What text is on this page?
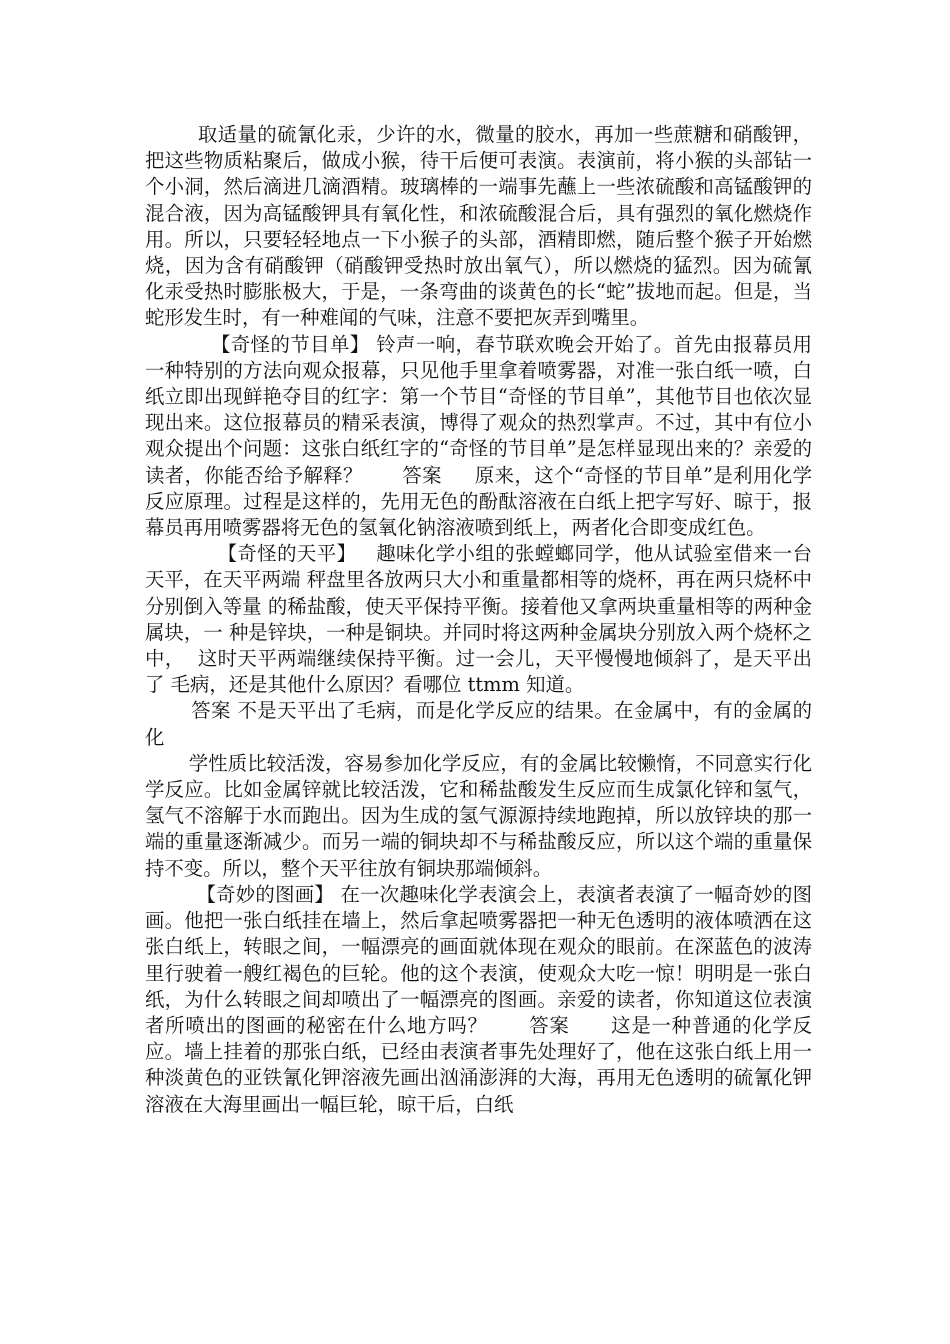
取适量的硫氰化汞，少许的水，微量的胶水，再加一些蔗糖和硝酸钾，把这些物质粘聚后，做成小猴，待干后便可表演。表演前，将小猴的头部钻一个小洞，然后滴进几滴酒精。玻璃棒的一端事先蘸上一些浓硫酸和高锰酸钾的混合液，因为高锰酸钾具有氧化性，和浓硫酸混合后，具有强烈的氧化燃烧作用。所以，只要轻轻地点一下小猴子的头部，酒精即燃，随后整个猴子开始燃烧，因为含有硝酸钾（硝酸钾受热时放出氧气），所以燃烧的猛烈。因为硫氰化汞受热时膨胀极大，于是，一条弯曲的谈黄色的长“蛇”拔地而起。但是，当蛇形发生时，有一种难闻的气味，注意不要把灰弄到嘴里。

【奇怪的节目单】 铃声一响，春节联欢晚会开始了。首先由报幕员用一种特别的方法向观众报幕，只见他手里拿着喷雾器，对准一张白纸一喷，白纸立即出现鲜艳夺目的红字：第一个节目“奇怪的节目单”，其他节目也依次显现出来。这位报幕员的精采表演，博得了观众的热烈掌声。不过，其中有位小观众提出个问题：这张白纸红字的“奇怪的节目单”是怎样显现出来的？亲爱的读者，你能否给予解释？      答案     原来，这个“奇怪的节目单”是利用化学反应原理。过程是这样的，先用无色的酚酞溶液在白纸上把字写好、晾于，报幕员再用喷雾器将无色的氢氧化钠溶液喷到纸上，两者化合即变成红色。

【奇怪的天平】   趣味化学小组的张螳螂同学，他从试验室借来一台天平，在天平两端 秤盘里各放两只大小和重量都相等的烧杯，再在两只烧杯中分别倒入等量 的稀盐酸，使天平保持平衡。接着他又拿两块重量相等的两种金属块，一 种是锌块，一种是铜块。并同时将这两种金属块分别放入两个烧杯之中，  这时天平两端继续保持平衡。过一会儿，天平慢慢地倾斜了，是天平出了 毛病，还是其他什么原因？看哪位 ttmm 知道。

答案 不是天平出了毛病，而是化学反应的结果。在金属中，有的金属的化

学性质比较活泼，容易参加化学反应，有的金属比较懒惰，不同意实行化学反应。比如金属锌就比较活泼，它和稀盐酸发生反应而生成氯化锌和氢气，氢气不溶解于水而跑出。因为生成的氢气源源持续地跑掉，所以放锌块的那一端的重量逐渐减少。而另一端的铜块却不与稀盐酸反应，所以这个端的重量保持不变。所以，整个天平往放有铜块那端倾斜。

【奇妙的图画】 在一次趣味化学表演会上，表演者表演了一幅奇妙的图画。他把一张白纸挂在墙上，然后拿起喷雾器把一种无色透明的液体喷洒在这张白纸上，转眼之间，一幅漂亮的画面就体现在观众的眼前。在深蓝色的波涛里行驶着一艘红褐色的巨轮。他的这个表演，使观众大吃一惊！明明是一张白纸，为什么转眼之间却喷出了一幅漂亮的图画。亲爱的读者，你知道这位表演者所喷出的图画的秘密在什么地方吗？      答案      这是一种普通的化学反应。墙上挂着的那张白纸，已经由表演者事先处理好了，他在这张白纸上用一种淡黄色的亚铁氰化钾溶液先画出汹涌澎湃的大海，再用无色透明的硫氰化钾溶液在大海里画出一幅巨轮，晾干后，白纸
